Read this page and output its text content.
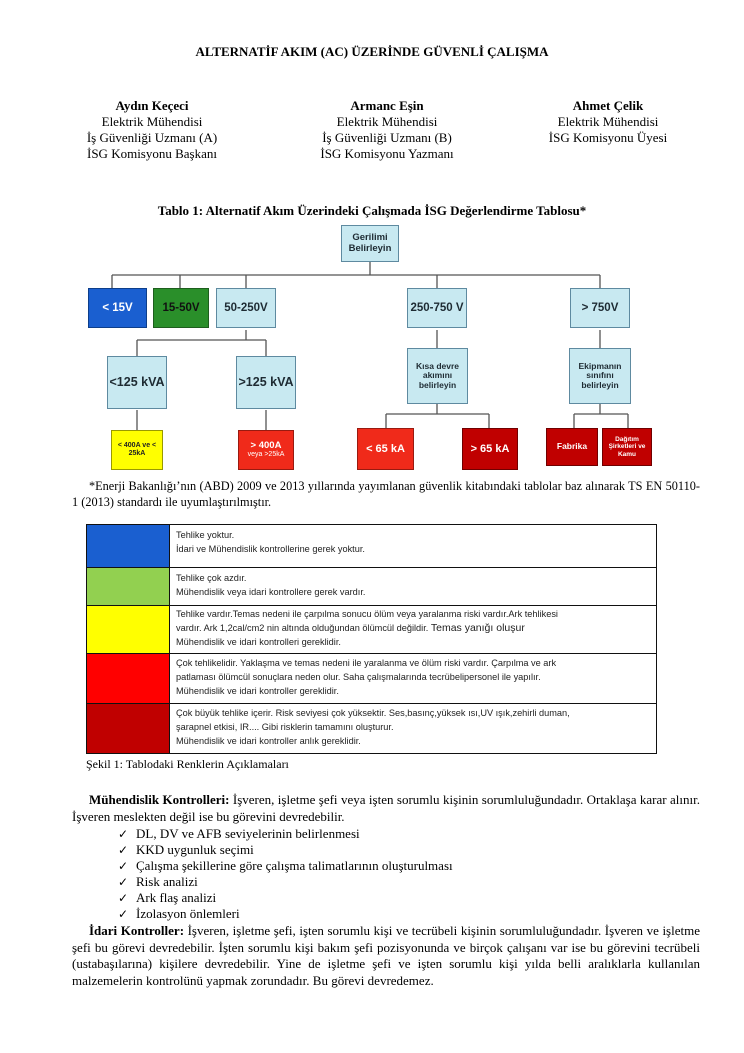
ALTERNATİF AKIM (AC) ÜZERİNDE GÜVENLİ ÇALIŞMA
Aydın Keçeci
Elektrik Mühendisi
İş Güvenliği Uzmanı (A)
İSG Komisyonu Başkanı
Armanc Eşin
Elektrik Mühendisi
İş Güvenliği Uzmanı (B)
İSG Komisyonu Yazmanı
Ahmet Çelik
Elektrik Mühendisi
İSG Komisyonu Üyesi
Tablo 1: Alternatif Akım Üzerindeki Çalışmada İSG Değerlendirme Tablosu*
Gerilimi Belirleyin
< 15V	15-50V	50-250V	250-750 V	> 750V
<125 kVA	>125 kVA
Kısa devre akımını belirleyin
Ekipmanın sınıfını belirleyin
< 400A ve < 25kA
> 400A
veya >25kA	< 65 kA	> 65 kA	Fabrika
Dağıtım Şirketleri ve Kamu

*Enerji Bakanlığı’nın (ABD) 2009 ve 2013 yıllarında yayımlanan güvenlik kitabındaki tablolar baz alınarak TS EN 50110-1 (2013) standardı ile uyumlaştırılmıştır.

Tehlike yoktur.
İdari ve Mühendislik kontrollerine gerek yoktur.
Tehlike çok azdır.
Mühendislik veya idari kontrollere gerek vardır.
Tehlike vardır.Temas nedeni ile çarpılma sonucu ölüm veya yaralanma riski vardır.Ark tehlikesi
vardır. Ark 1,2cal/cm2 nin altında olduğundan ölümcül değildir. Temas yanığı oluşur
Mühendislik ve idari kontrolleri gereklidir.
Çok tehlikelidir. Yaklaşma ve temas nedeni ile yaralanma ve ölüm riski vardır. Çarpılma ve ark
patlaması ölümcül sonuçlara neden olur. Saha çalışmalarında tecrübelipersonel ile yapılır.
Mühendislik ve idari kontroller gereklidir.
Çok büyük tehlike içerir. Risk seviyesi çok yüksektir. Ses,basınç,yüksek ısı,UV ışık,zehirli duman,
şarapnel etkisi, IR.... Gibi risklerin tamamını oluşturur.
Mühendislik ve idari kontroller anlık gereklidir.
Şekil 1: Tablodaki Renklerin Açıklamaları

Mühendislik Kontrolleri: İşveren, işletme şefi veya işten sorumlu kişinin sorumluluğundadır. Ortaklaşa karar alınır. İşveren meslekten değil ise bu görevini devredebilir.

✓ DL, DV ve AFB seviyelerinin belirlenmesi
✓ KKD uygunluk seçimi
✓ Çalışma şekillerine göre çalışma talimatlarının oluşturulması
✓ Risk analizi
✓ Ark flaş analizi
✓ İzolasyon önlemleri

İdari Kontroller: İşveren, işletme şefi, işten sorumlu kişi ve tecrübeli kişinin sorumluluğundadır. İşveren ve işletme şefi bu görevi devredebilir. İşten sorumlu kişi bakım şefi pozisyonunda ve birçok çalışanı var ise bu görevini tecrübeli (ustabaşılarına) kişilere devredebilir. Yine de işletme şefi ve işten sorumlu kişi yılda belli aralıklarla kullanılan malzemelerin kontrolünü yapmak zorundadır. Bu görevi devredemez.
